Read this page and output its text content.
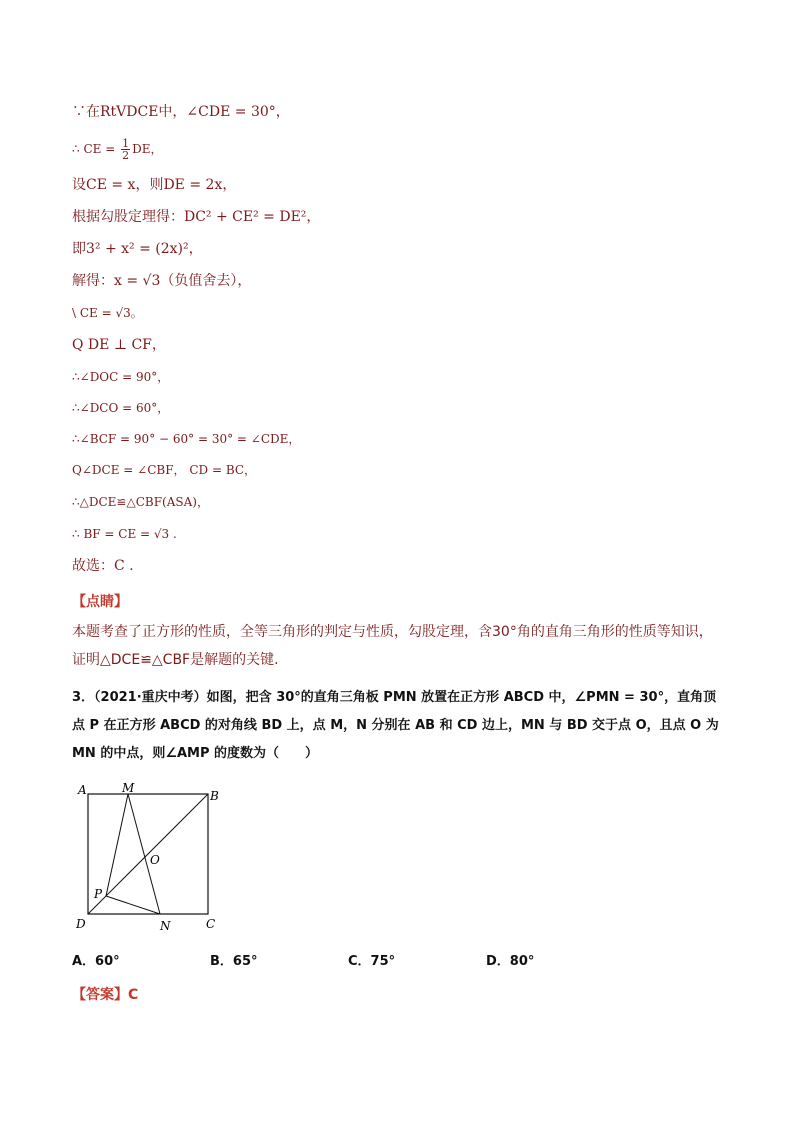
∵在RtVDCE中，∠CDE = 30°，
∴ CE = $\frac{1}{2}$ DE，
设CE = x，则DE = 2x，
根据勾股定理得：DC² + CE² = DE²，
即3² + x² = (2x)²，
解得：x = √3（负值舍去），
\ CE = √3。
Q DE ⊥ CF，
∴∠DOC = 90°，
∴∠DCO = 60°，
∴∠BCF = 90° − 60° = 30° = ∠CDE，
Q∠DCE = ∠CBF， CD = BC，
∴△DCE≌△CBF(ASA)，
∴ BF = CE = √3 .
故选：C .
【点睛】
本题考查了正方形的性质，全等三角形的判定与性质，勾股定理，含30°角的直角三角形的性质等知识，证明△DCE≌△CBF是解题的关键.
3．（2021·重庆中考）如图，把含 30°的直角三角板 PMN 放置在正方形 ABCD 中，∠PMN = 30°，直角顶点 P 在正方形 ABCD 的对角线 BD 上，点 M，N 分别在 AB 和 CD 边上，MN 与 BD 交于点 O，且点 O 为 MN 的中点，则∠AMP 的度数为（　　）
A	M
B
O
P
D	N	C
A．60°	B．65°	C．75°	D．80°
【答案】C
